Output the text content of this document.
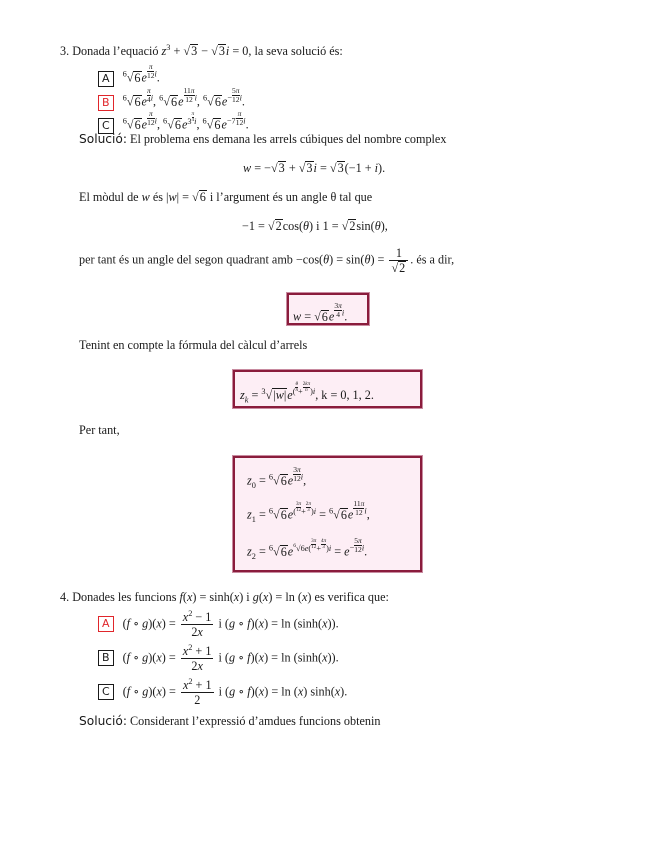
3. Donada l’equació $z^3 + √3 - √3i = 0$, la seva solució és:
A $^6√6e \frac{\pi}{12} ^i$.
B $^6√6e \frac{\pi}{4} ^i$, $^6√6e \frac{11\pi}{12} ^i$, $^6√6e^- \frac{5\pi}{12} ^i$.
C $^6√6e \frac{\pi}{12} ^i$, $^6√6e^{3 \frac{\pi}{4} i}$, $^6√6e^{-7} \frac{\pi}{12} ^i$.
Solució: El problema ens demana les arrels cúbiques del nombre complex
w = −√3 + √3i = √3(−1 + i).
El mòdul de w és |w| = √6 i l’argument és un angle θ tal que
−1 = √2cos(θ) i 1 = √2sin(θ),
per tant és un angle del segon quadrant amb $-\cos(\theta) = \sin(\theta) = \frac{1}{√2}$ . és a dir,
$w = √6e \frac{3\pi}{4} ^i$.
Tenint en compte la fórmula del càlcul d’arrels
$z_k = ^3√|w|e^{( \frac{\theta}{n} + \frac{2k\pi}{n} )i}$, k = 0, 1, 2.
Per tant,
$z_0 = ^6√6e \frac{3\pi}{12} ^i$,
$z_1 = ^6√6e^{( \frac{3\pi}{12} + \frac{2\pi}{3} )i} = ^6√6e \frac{11\pi}{12} ^i$,
$z_2 = ^6√6e^{^6√6e( \frac{3\pi}{12} + \frac{4\pi}{3} )i} = e^- \frac{5\pi}{12} ^i$.
4. Donades les funcions f(x) = sinh(x) i g(x) = ln (x) es verifica que:
A (f ∘ $g)(x) = \frac{x^2 - 1}{2x}$ i (g ∘ f)(x) = ln (sinh(x)).
B (f ∘ $g)(x) = \frac{x^2 + 1}{2x}$ i (g ∘ f)(x) = ln (sinh(x)).
C (f ∘ $g)(x) = \frac{x^2 + 1}{2}$ i (g ∘ f)(x) = ln (x) sinh(x).
Solució: Considerant l’expressió d’amdues funcions obtenin
